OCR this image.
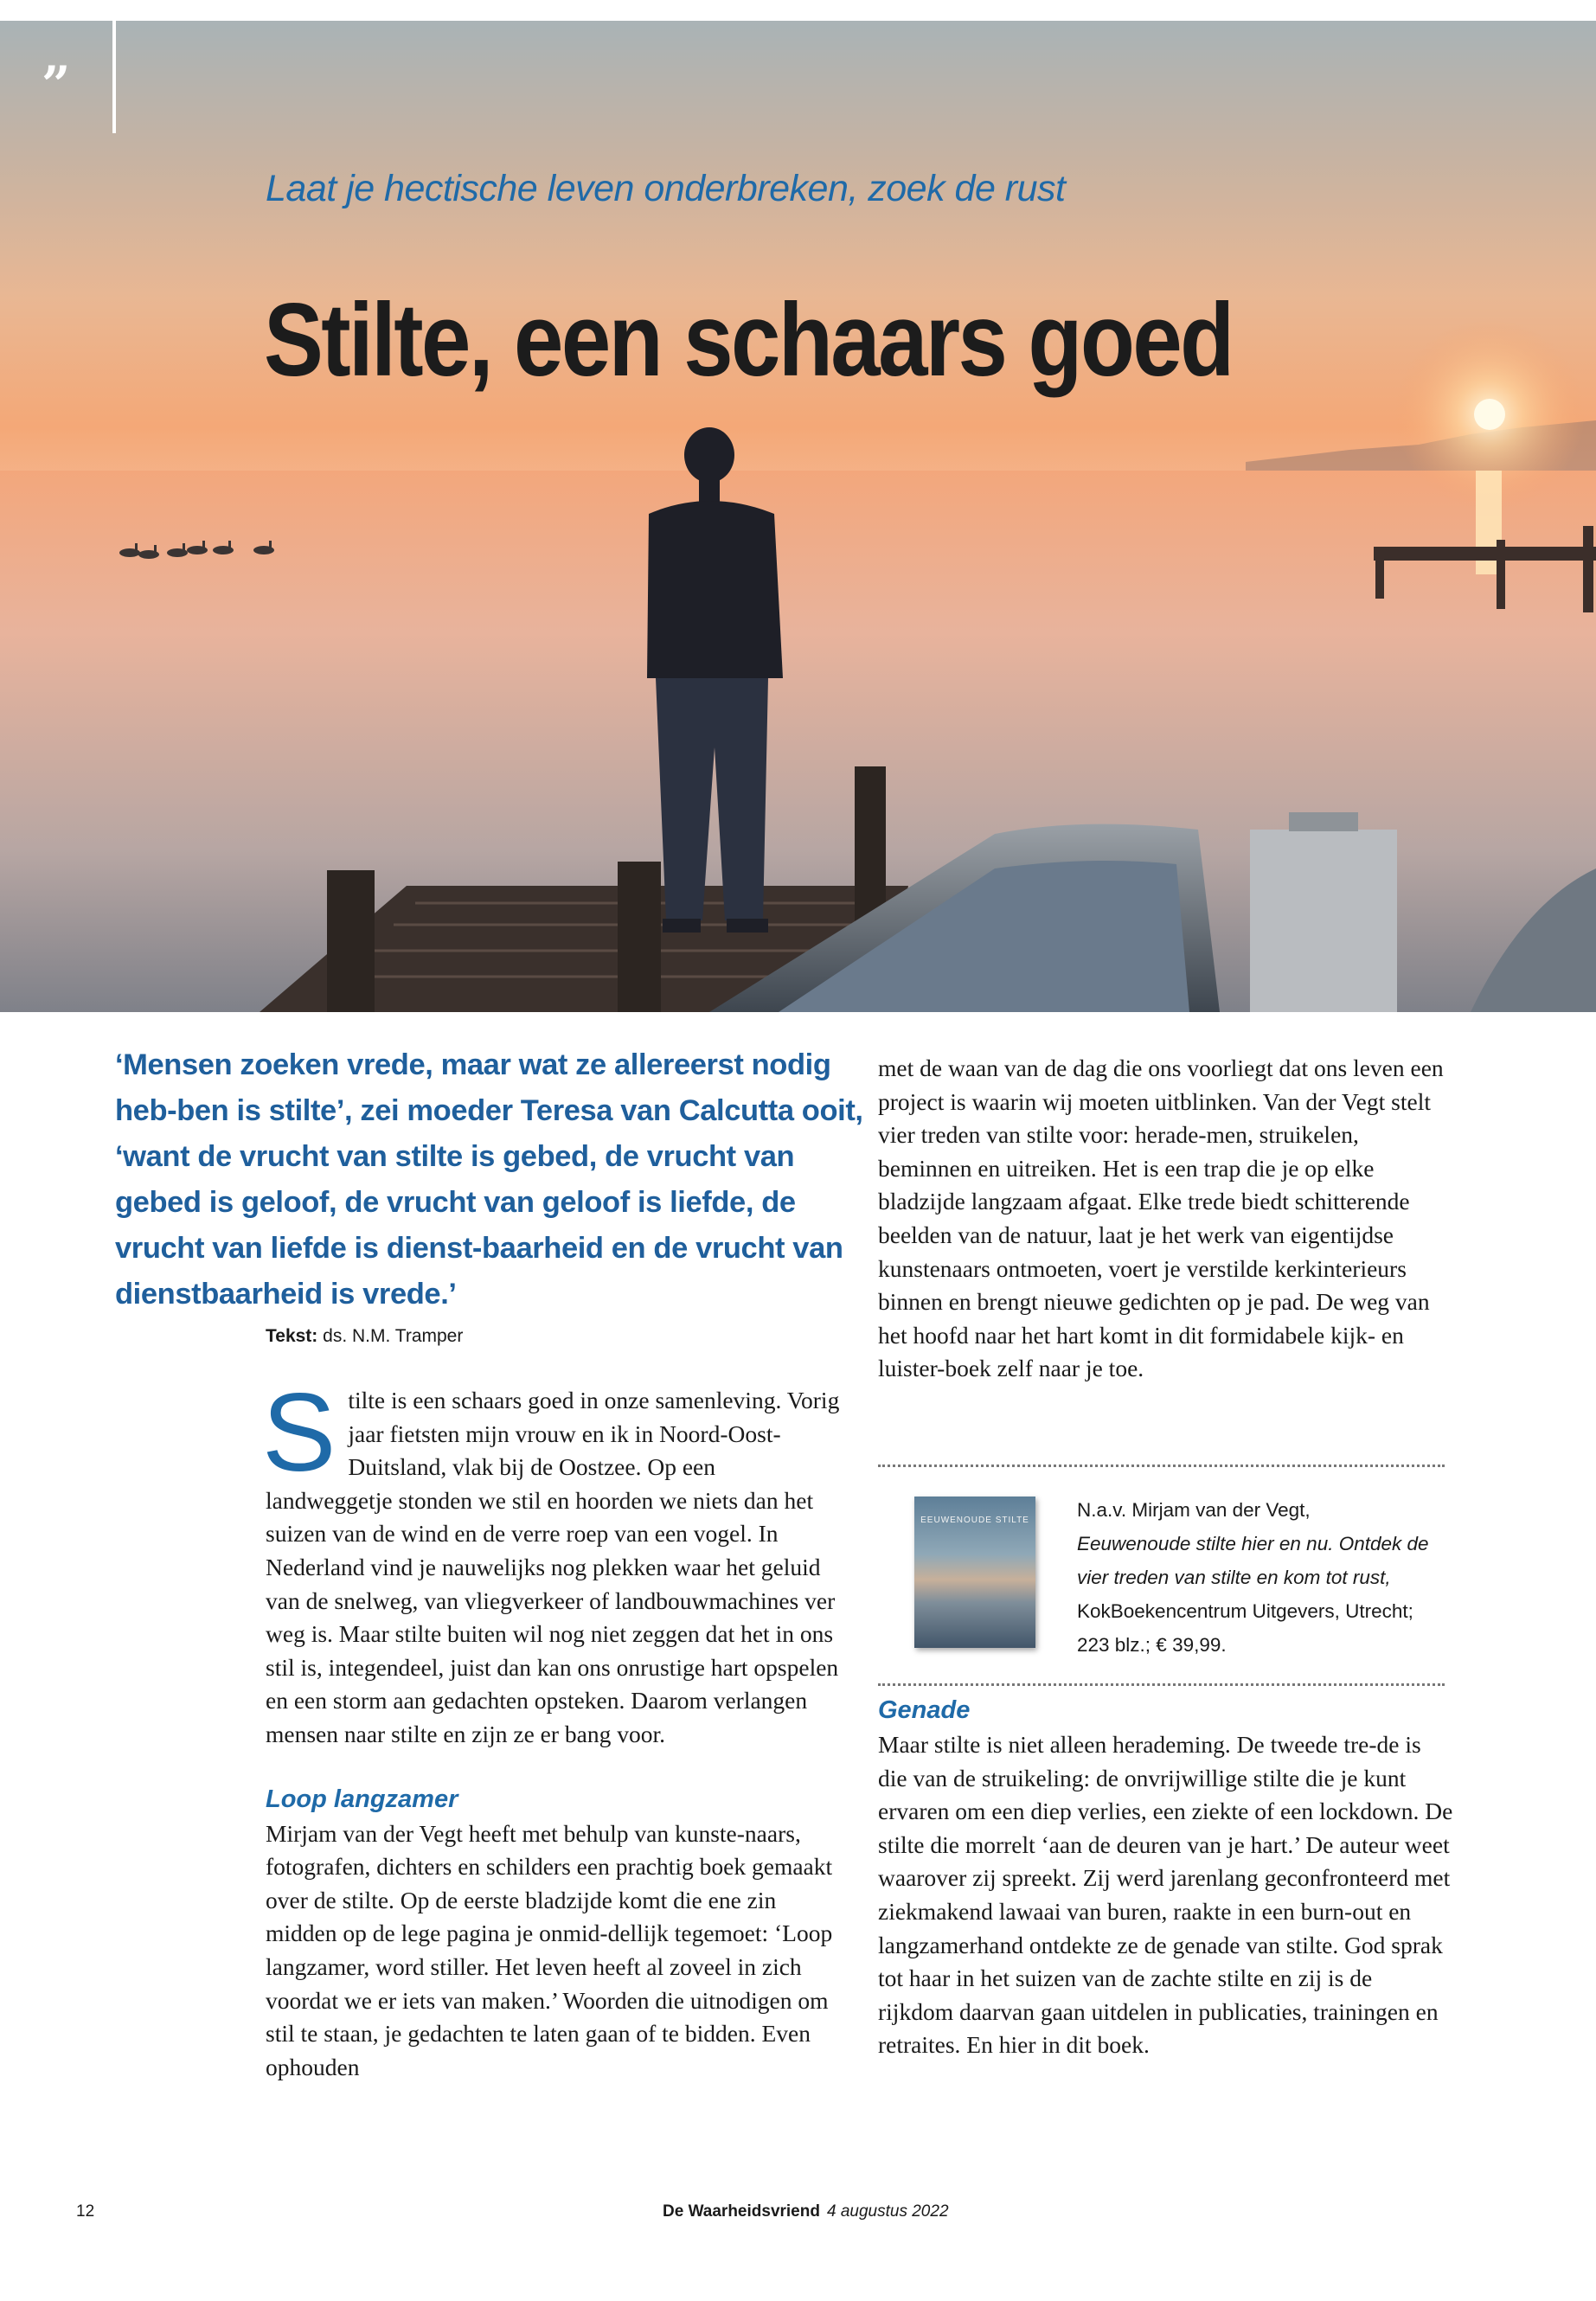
”
Laat je hectische leven onderbreken, zoek de rust
Stilte, een schaars goed
‘Mensen zoeken vrede, maar wat ze allereerst nodig heb-ben is stilte’, zei moeder Teresa van Calcutta ooit, ‘want de vrucht van stilte is gebed, de vrucht van gebed is geloof, de vrucht van geloof is liefde, de vrucht van liefde is dienst-baarheid en de vrucht van dienstbaarheid is vrede.’
Tekst: ds. N.M. Tramper

Stilte is een schaars goed in onze samenleving. Vorig jaar fietsten mijn vrouw en ik in Noord-Oost-Duitsland, vlak bij de Oostzee. Op een landweggetje stonden we stil en hoorden we niets dan het suizen van de wind en de verre roep van een vogel. In Nederland vind je nauwelijks nog plekken waar het geluid van de snelweg, van vliegverkeer of landbouwmachines ver weg is. Maar stilte buiten wil nog niet zeggen dat het in ons stil is, integendeel, juist dan kan ons onrustige hart opspelen en een storm aan gedachten opsteken. Daarom verlangen mensen naar stilte en zijn ze er bang voor.

Loop langzamer

Mirjam van der Vegt heeft met behulp van kunste-naars, fotografen, dichters en schilders een prachtig boek gemaakt over de stilte. Op de eerste bladzijde komt die ene zin midden op de lege pagina je onmid-dellijk tegemoet: ‘Loop langzamer, word stiller. Het leven heeft al zoveel in zich voordat we er iets van maken.’ Woorden die uitnodigen om stil te staan, je gedachten te laten gaan of te bidden. Even ophouden

met de waan van de dag die ons voorliegt dat ons leven een project is waarin wij moeten uitblinken. Van der Vegt stelt vier treden van stilte voor: herade-men, struikelen, beminnen en uitreiken. Het is een trap die je op elke bladzijde langzaam afgaat. Elke trede biedt schitterende beelden van de natuur, laat je het werk van eigentijdse kunstenaars ontmoeten, voert je verstilde kerkinterieurs binnen en brengt nieuwe gedichten op je pad. De weg van het hoofd naar het hart komt in dit formidabele kijk- en luister-boek zelf naar je toe.

EEUWENOUDE STILTE	N.a.v. Mirjam van der Vegt,
Eeuwenoude stilte hier en nu. Ontdek de vier treden van stilte en kom tot rust, KokBoekencentrum Uitgevers, Utrecht; 223 blz.; € 39,99.
Genade

Maar stilte is niet alleen herademing. De tweede tre-de is die van de struikeling: de onvrijwillige stilte die je kunt ervaren om een diep verlies, een ziekte of een lockdown. De stilte die morrelt ‘aan de deuren van je hart.’ De auteur weet waarover zij spreekt. Zij werd jarenlang geconfronteerd met ziekmakend lawaai van buren, raakte in een burn-out en langzamerhand ontdekte ze de genade van stilte. God sprak tot haar in het suizen van de zachte stilte en zij is de rijkdom daarvan gaan uitdelen in publicaties, trainingen en retraites. En hier in dit boek.

12	De Waarheidsvriend 4 augustus 2022
